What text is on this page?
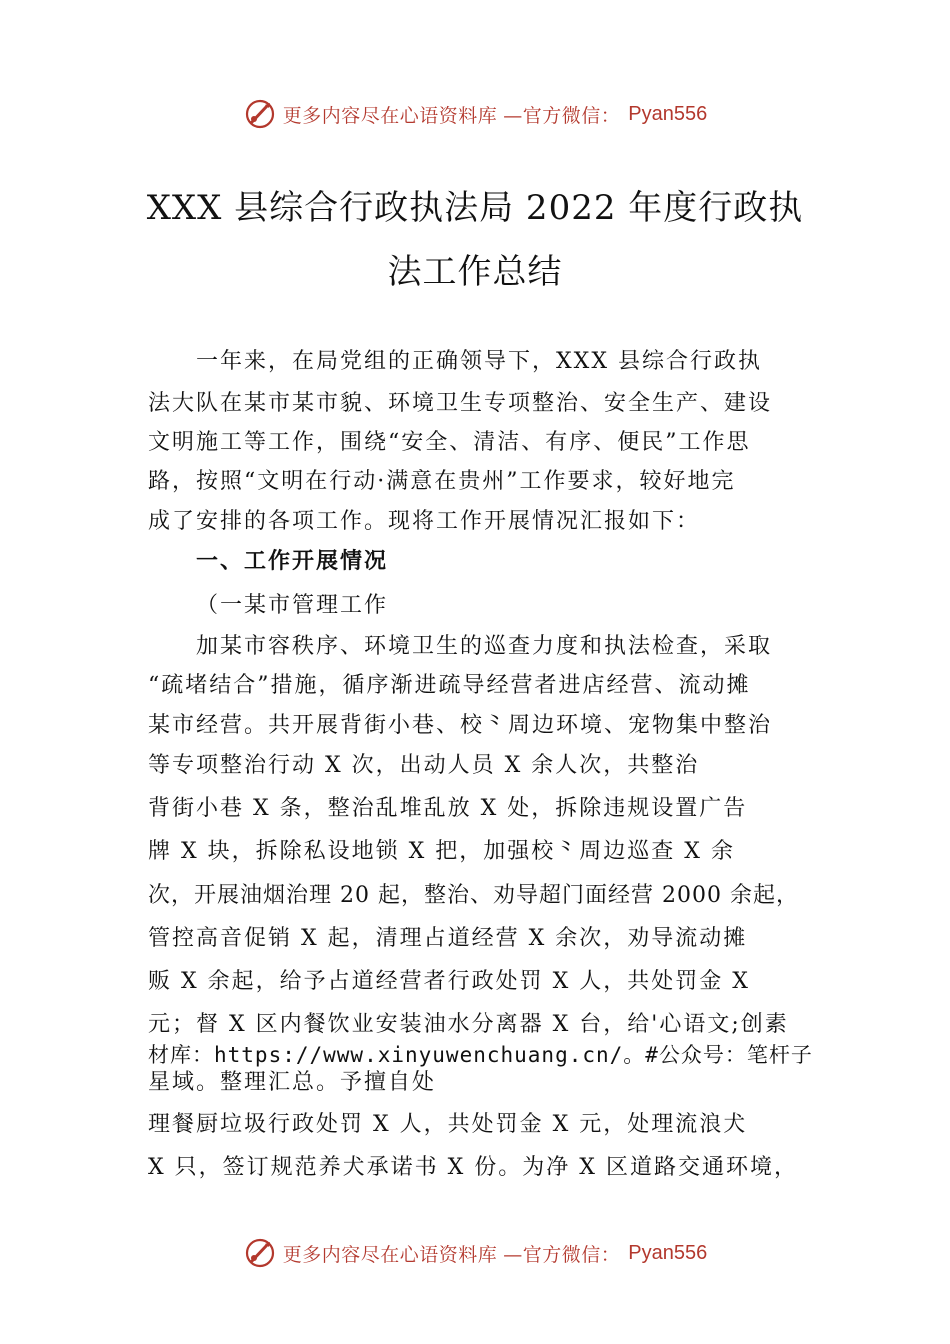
更多内容尽在心语资料库 —官方微信： Pyan556
XXX 县综合行政执法局 2022 年度行政执
法工作总结
一年来，在局党组的正确领导下，XXX 县综合行政执
法大队在某市某市貌、环境卫生专项整治、安全生产、建设
文明施工等工作，围绕“安全、清洁、有序、便民”工作思
路，按照“文明在行动·满意在贵州”工作要求，较好地完
成了安排的各项工作。现将工作开展情况汇报如下：
一、工作开展情况
（一某市管理工作
加某市容秩序、环境卫生的巡查力度和执法检查，采取
“疏堵结合”措施，循序渐进疏导经营者进店经营、流动摊
某市经营。共开展背街小巷、校⺀周边环境、宠物集中整治
等专项整治行动 X 次，出动人员 X 余人次，共整治
背街小巷 X 条，整治乱堆乱放 X 处，拆除违规设置广告
牌 X 块，拆除私设地锁 X 把，加强校⺀周边巡查 X 余
次，开展油烟治理 20 起，整治、劝导超门面经营 2000 余起，
管控高音促销 X 起，清理占道经营 X 余次，劝导流动摊
贩 X 余起，给予占道经营者行政处罚 X 人，共处罚金 X
元；督 X 区内餐饮业安装油水分离器 X 台，给'心语文;创素
材库：https://www.xinyuwenchuang.cn/。#公众号：笔杆子
星域。整理汇总。予擅自处
理餐厨垃圾行政处罚 X 人，共处罚金 X 元，处理流浪犬
X 只，签订规范养犬承诺书 X 份。为净 X 区道路交通环境，
更多内容尽在心语资料库 —官方微信： Pyan556
